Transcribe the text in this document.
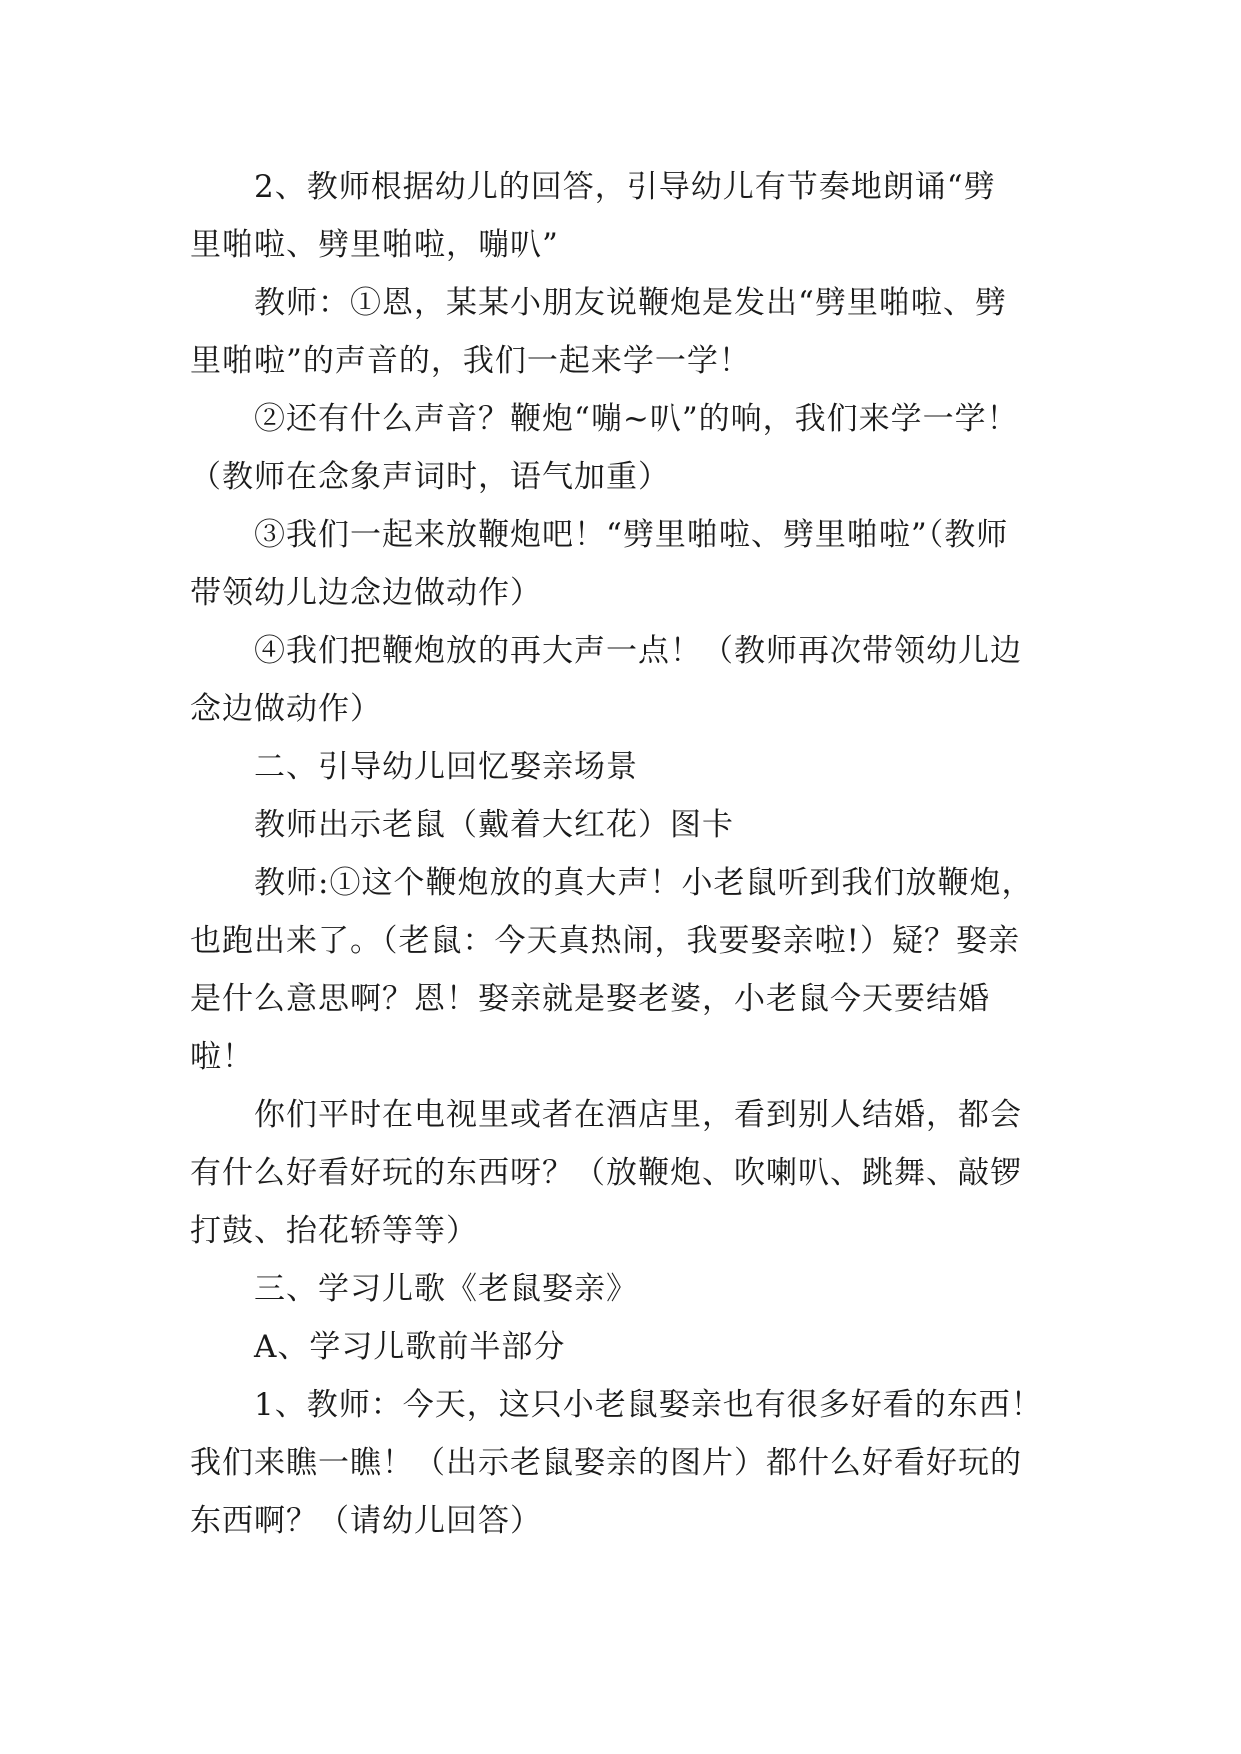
2、教师根据幼儿的回答，引导幼儿有节奏地朗诵“劈
里啪啦、劈里啪啦，嘣叭”
教师：①恩，某某小朋友说鞭炮是发出“劈里啪啦、劈
里啪啦”的声音的，我们一起来学一学！
②还有什么声音？鞭炮“嘣~叭”的响，我们来学一学！
（教师在念象声词时，语气加重）
③我们一起来放鞭炮吧！“劈里啪啦、劈里啪啦”（教师
带领幼儿边念边做动作）
④我们把鞭炮放的再大声一点！（教师再次带领幼儿边
念边做动作）
二、引导幼儿回忆娶亲场景
教师出示老鼠（戴着大红花）图卡
教师:①这个鞭炮放的真大声！小老鼠听到我们放鞭炮，
也跑出来了。（老鼠：今天真热闹，我要娶亲啦!）疑？娶亲
是什么意思啊？恩！娶亲就是娶老婆，小老鼠今天要结婚
啦！
你们平时在电视里或者在酒店里，看到别人结婚，都会
有什么好看好玩的东西呀？（放鞭炮、吹喇叭、跳舞、敲锣
打鼓、抬花轿等等）
三、学习儿歌《老鼠娶亲》
A、学习儿歌前半部分
1、教师：今天，这只小老鼠娶亲也有很多好看的东西！
我们来瞧一瞧！（出示老鼠娶亲的图片）都什么好看好玩的
东西啊？（请幼儿回答）
